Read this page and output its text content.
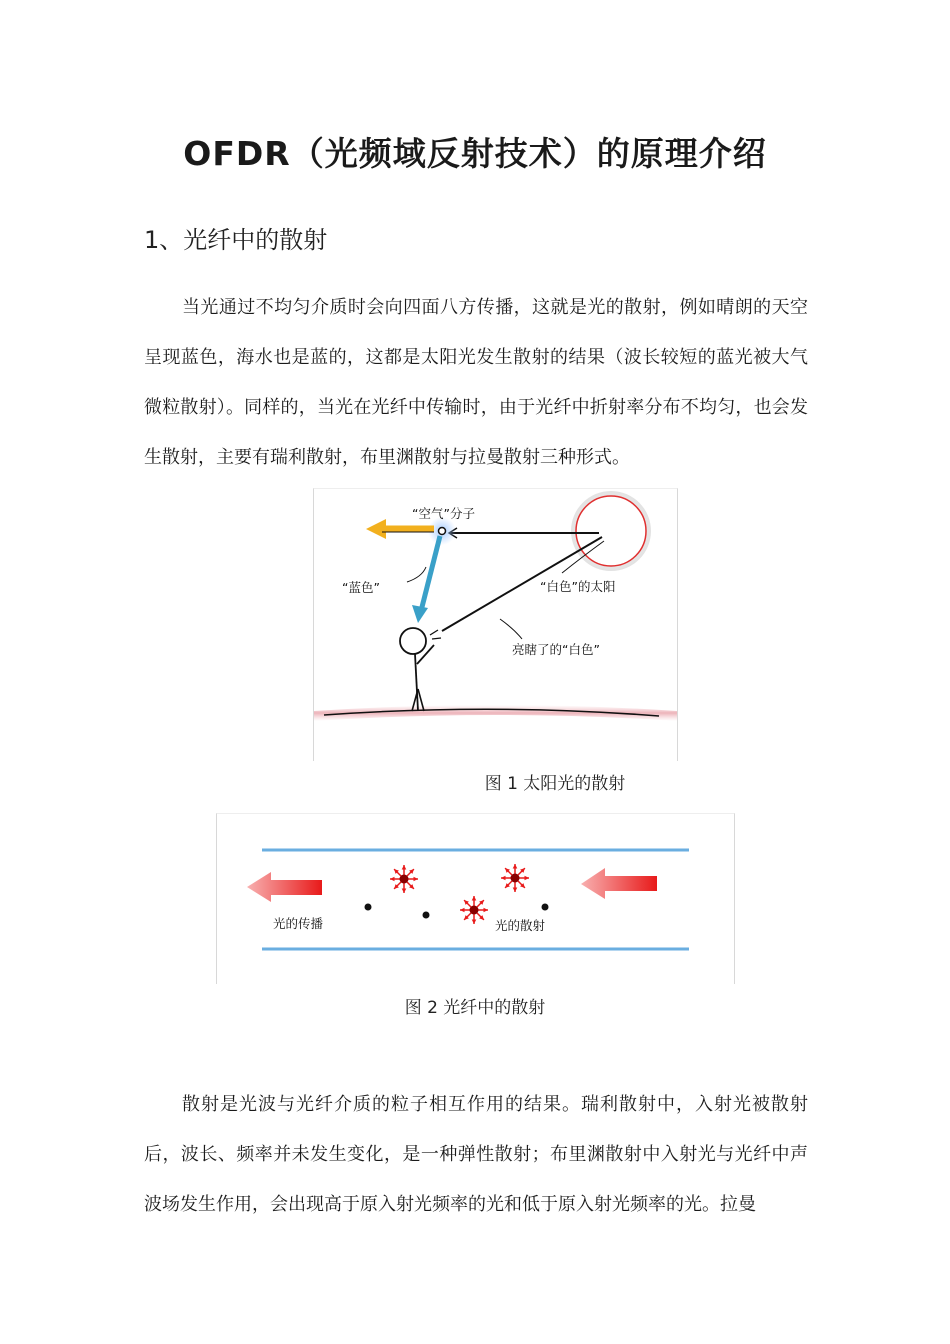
OFDR（光频域反射技术）的原理介绍
1、光纤中的散射

当光通过不均匀介质时会向四面八方传播，这就是光的散射，例如晴朗的天空呈现蓝色，海水也是蓝的，这都是太阳光发生散射的结果（波长较短的蓝光被大气微粒散射）。同样的，当光在光纤中传输时，由于光纤中折射率分布不均匀，也会发生散射，主要有瑞利散射，布里渊散射与拉曼散射三种形式。

“空气”分子
“蓝色”	“白色”的太阳
亮瞎了的“白色”

图 1 太阳光的散射

光的传播	光的散射

图 2 光纤中的散射

散射是光波与光纤介质的粒子相互作用的结果。瑞利散射中，入射光被散射后，波长、频率并未发生变化，是一种弹性散射；布里渊散射中入射光与光纤中声波场发生作用，会出现高于原入射光频率的光和低于原入射光频率的光。拉曼
